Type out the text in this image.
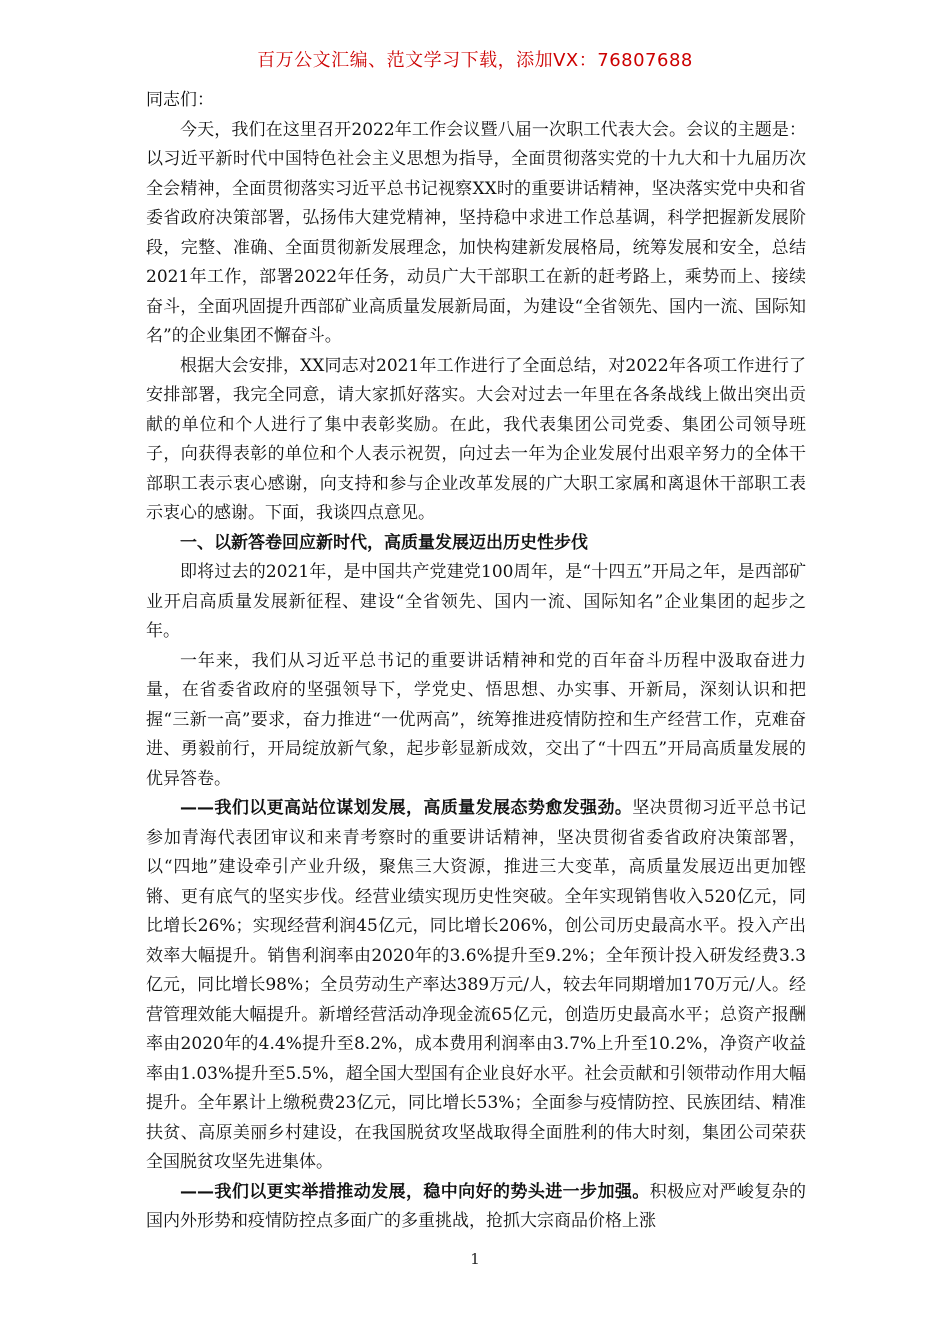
百万公文汇编、范文学习下载，添加VX：76807688

同志们：

今天，我们在这里召开2022年工作会议暨八届一次职工代表大会。会议的主题是：以习近平新时代中国特色社会主义思想为指导，全面贯彻落实党的十九大和十九届历次全会精神，全面贯彻落实习近平总书记视察XX时的重要讲话精神，坚决落实党中央和省委省政府决策部署，弘扬伟大建党精神，坚持稳中求进工作总基调，科学把握新发展阶段，完整、准确、全面贯彻新发展理念，加快构建新发展格局，统筹发展和安全，总结2021年工作，部署2022年任务，动员广大干部职工在新的赶考路上，乘势而上、接续奋斗，全面巩固提升西部矿业高质量发展新局面，为建设“全省领先、国内一流、国际知名”的企业集团不懈奋斗。

根据大会安排，XX同志对2021年工作进行了全面总结，对2022年各项工作进行了安排部署，我完全同意，请大家抓好落实。大会对过去一年里在各条战线上做出突出贡献的单位和个人进行了集中表彰奖励。在此，我代表集团公司党委、集团公司领导班子，向获得表彰的单位和个人表示祝贺，向过去一年为企业发展付出艰辛努力的全体干部职工表示衷心感谢，向支持和参与企业改革发展的广大职工家属和离退休干部职工表示衷心的感谢。下面，我谈四点意见。

一、以新答卷回应新时代，高质量发展迈出历史性步伐

即将过去的2021年，是中国共产党建党100周年，是“十四五”开局之年，是西部矿业开启高质量发展新征程、建设“全省领先、国内一流、国际知名”企业集团的起步之年。

一年来，我们从习近平总书记的重要讲话精神和党的百年奋斗历程中汲取奋进力量，在省委省政府的坚强领导下，学党史、悟思想、办实事、开新局，深刻认识和把握“三新一高”要求，奋力推进“一优两高”，统筹推进疫情防控和生产经营工作，克难奋进、勇毅前行，开局绽放新气象，起步彰显新成效，交出了“十四五”开局高质量发展的优异答卷。

——我们以更高站位谋划发展，高质量发展态势愈发强劲。坚决贯彻习近平总书记参加青海代表团审议和来青考察时的重要讲话精神，坚决贯彻省委省政府决策部署，以“四地”建设牵引产业升级，聚焦三大资源，推进三大变革，高质量发展迈出更加铿锵、更有底气的坚实步伐。经营业绩实现历史性突破。全年实现销售收入520亿元，同比增长26%；实现经营利润45亿元，同比增长206%，创公司历史最高水平。投入产出效率大幅提升。销售利润率由2020年的3.6%提升至9.2%；全年预计投入研发经费3.3亿元，同比增长98%；全员劳动生产率达389万元/人，较去年同期增加170万元/人。经营管理效能大幅提升。新增经营活动净现金流65亿元，创造历史最高水平；总资产报酬率由2020年的4.4%提升至8.2%，成本费用利润率由3.7%上升至10.2%，净资产收益率由1.03%提升至5.5%，超全国大型国有企业良好水平。社会贡献和引领带动作用大幅提升。全年累计上缴税费23亿元，同比增长53%；全面参与疫情防控、民族团结、精准扶贫、高原美丽乡村建设，在我国脱贫攻坚战取得全面胜利的伟大时刻，集团公司荣获全国脱贫攻坚先进集体。

——我们以更实举措推动发展，稳中向好的势头进一步加强。积极应对严峻复杂的国内外形势和疫情防控点多面广的多重挑战，抢抓大宗商品价格上涨

1
